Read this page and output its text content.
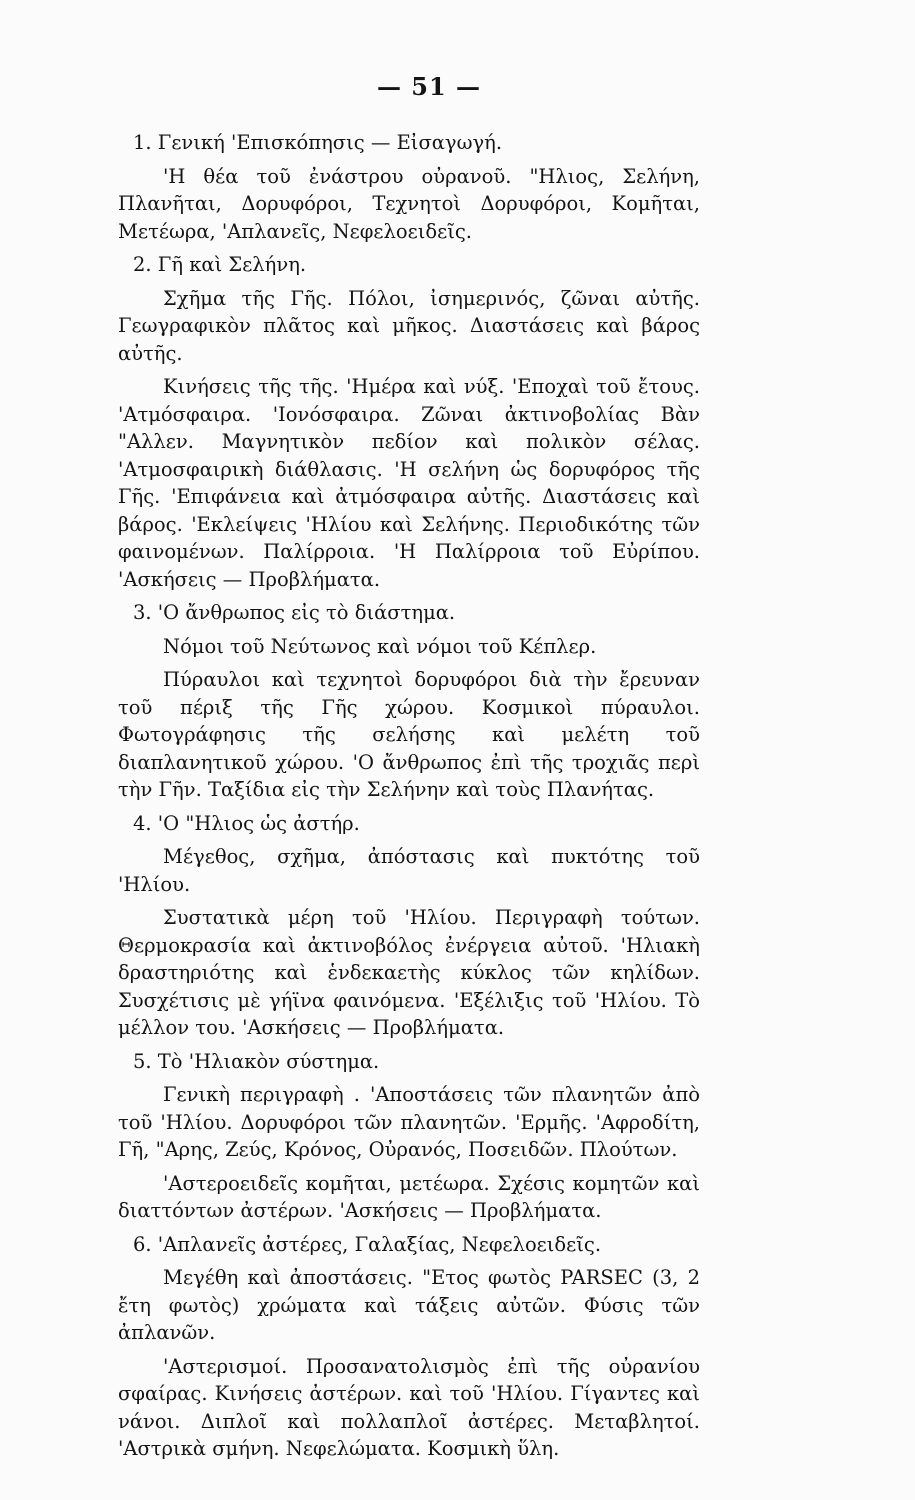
— 51 —

1. Γενική 'Επισκόπησις — Εἰσαγωγή.

'Η θέα τοῦ ἐνάστρου οὐρανοῦ. "Ηλιος, Σελήνη, Πλανῆται, Δορυφόροι, Τεχνητοὶ Δορυφόροι, Κομῆται, Μετέωρα, 'Απλανεῖς, Νεφελοειδεῖς.

2. Γῆ καὶ Σελήνη.

Σχῆμα τῆς Γῆς. Πόλοι, ἰσημερινός, ζῶναι αὐτῆς. Γεωγραφικὸν πλᾶτος καὶ μῆκος. Διαστάσεις καὶ βάρος αὐτῆς.

Κινήσεις τῆς τῆς. 'Ημέρα καὶ νύξ. 'Εποχαὶ τοῦ ἔτους. 'Ατμόσφαιρα. 'Ιονόσφαιρα. Ζῶναι ἀκτινοβολίας Βὰν "Αλλεν. Μαγνητικὸν πεδίον καὶ πολικὸν σέλας. 'Ατμοσφαιρικὴ διάθλασις. 'Η σελήνη ὡς δορυφόρος τῆς Γῆς. 'Επιφάνεια καὶ ἀτμόσφαιρα αὐτῆς. Διαστάσεις καὶ βάρος. 'Εκλείψεις 'Ηλίου καὶ Σελήνης. Περιοδικότης τῶν φαινομένων. Παλίρροια. 'Η Παλίρροια τοῦ Εὐρίπου. 'Ασκήσεις — Προβλήματα.

3. 'Ο ἄνθρωπος εἰς τὸ διάστημα.

Νόμοι τοῦ Νεύτωνος καὶ νόμοι τοῦ Κέπλερ.

Πύραυλοι καὶ τεχνητοὶ δορυφόροι διὰ τὴν ἔρευναν τοῦ πέριξ τῆς Γῆς χώρου. Κοσμικοὶ πύραυλοι. Φωτογράφησις τῆς σελήσης καὶ μελέτη τοῦ διαπλανητικοῦ χώρου. 'Ο ἄνθρωπος ἐπὶ τῆς τροχιᾶς περὶ τὴν Γῆν. Ταξίδια εἰς τὴν Σελήνην καὶ τοὺς Πλανήτας.

4. 'Ο "Ηλιος ὡς ἀστήρ.

Μέγεθος, σχῆμα, ἀπόστασις καὶ πυκτότης τοῦ 'Ηλίου.

Συστατικὰ μέρη τοῦ 'Ηλίου. Περιγραφὴ τούτων. Θερμοκρασία καὶ ἀκτινοβόλος ἐνέργεια αὐτοῦ. 'Ηλιακὴ δραστηριότης καὶ ἑνδεκαετὴς κύκλος τῶν κηλίδων. Συσχέτισις μὲ γήϊνα φαινόμενα. 'Εξέλιξις τοῦ 'Ηλίου. Τὸ μέλλον του. 'Ασκήσεις — Προβλήματα.

5. Τὸ 'Ηλιακὸν σύστημα.

Γενικὴ περιγραφὴ . 'Αποστάσεις τῶν πλανητῶν ἀπὸ τοῦ 'Ηλίου. Δορυφόροι τῶν πλανητῶν. 'Ερμῆς. 'Αφροδίτη, Γῆ, "Αρης, Ζεύς, Κρόνος, Οὐρανός, Ποσειδῶν. Πλούτων.

'Αστεροειδεῖς κομῆται, μετέωρα. Σχέσις κομητῶν καὶ διαττόντων ἀστέρων. 'Ασκήσεις — Προβλήματα.

6. 'Απλανεῖς ἀστέρες, Γαλαξίας, Νεφελοειδεῖς.

Μεγέθη καὶ ἀποστάσεις. "Ετος φωτὸς PARSEC (3, 2 ἔτη φωτὸς) χρώματα καὶ τάξεις αὐτῶν. Φύσις τῶν ἀπλανῶν.

'Αστερισμοί. Προσανατολισμὸς ἐπὶ τῆς οὐρανίου σφαίρας. Κινήσεις ἀστέρων. καὶ τοῦ 'Ηλίου. Γίγαντες καὶ νάνοι. Διπλοῖ καὶ πολλαπλοῖ ἀστέρες. Μεταβλητοί. 'Αστρικὰ σμήνη. Νεφελώματα. Κοσμικὴ ὕλη.
